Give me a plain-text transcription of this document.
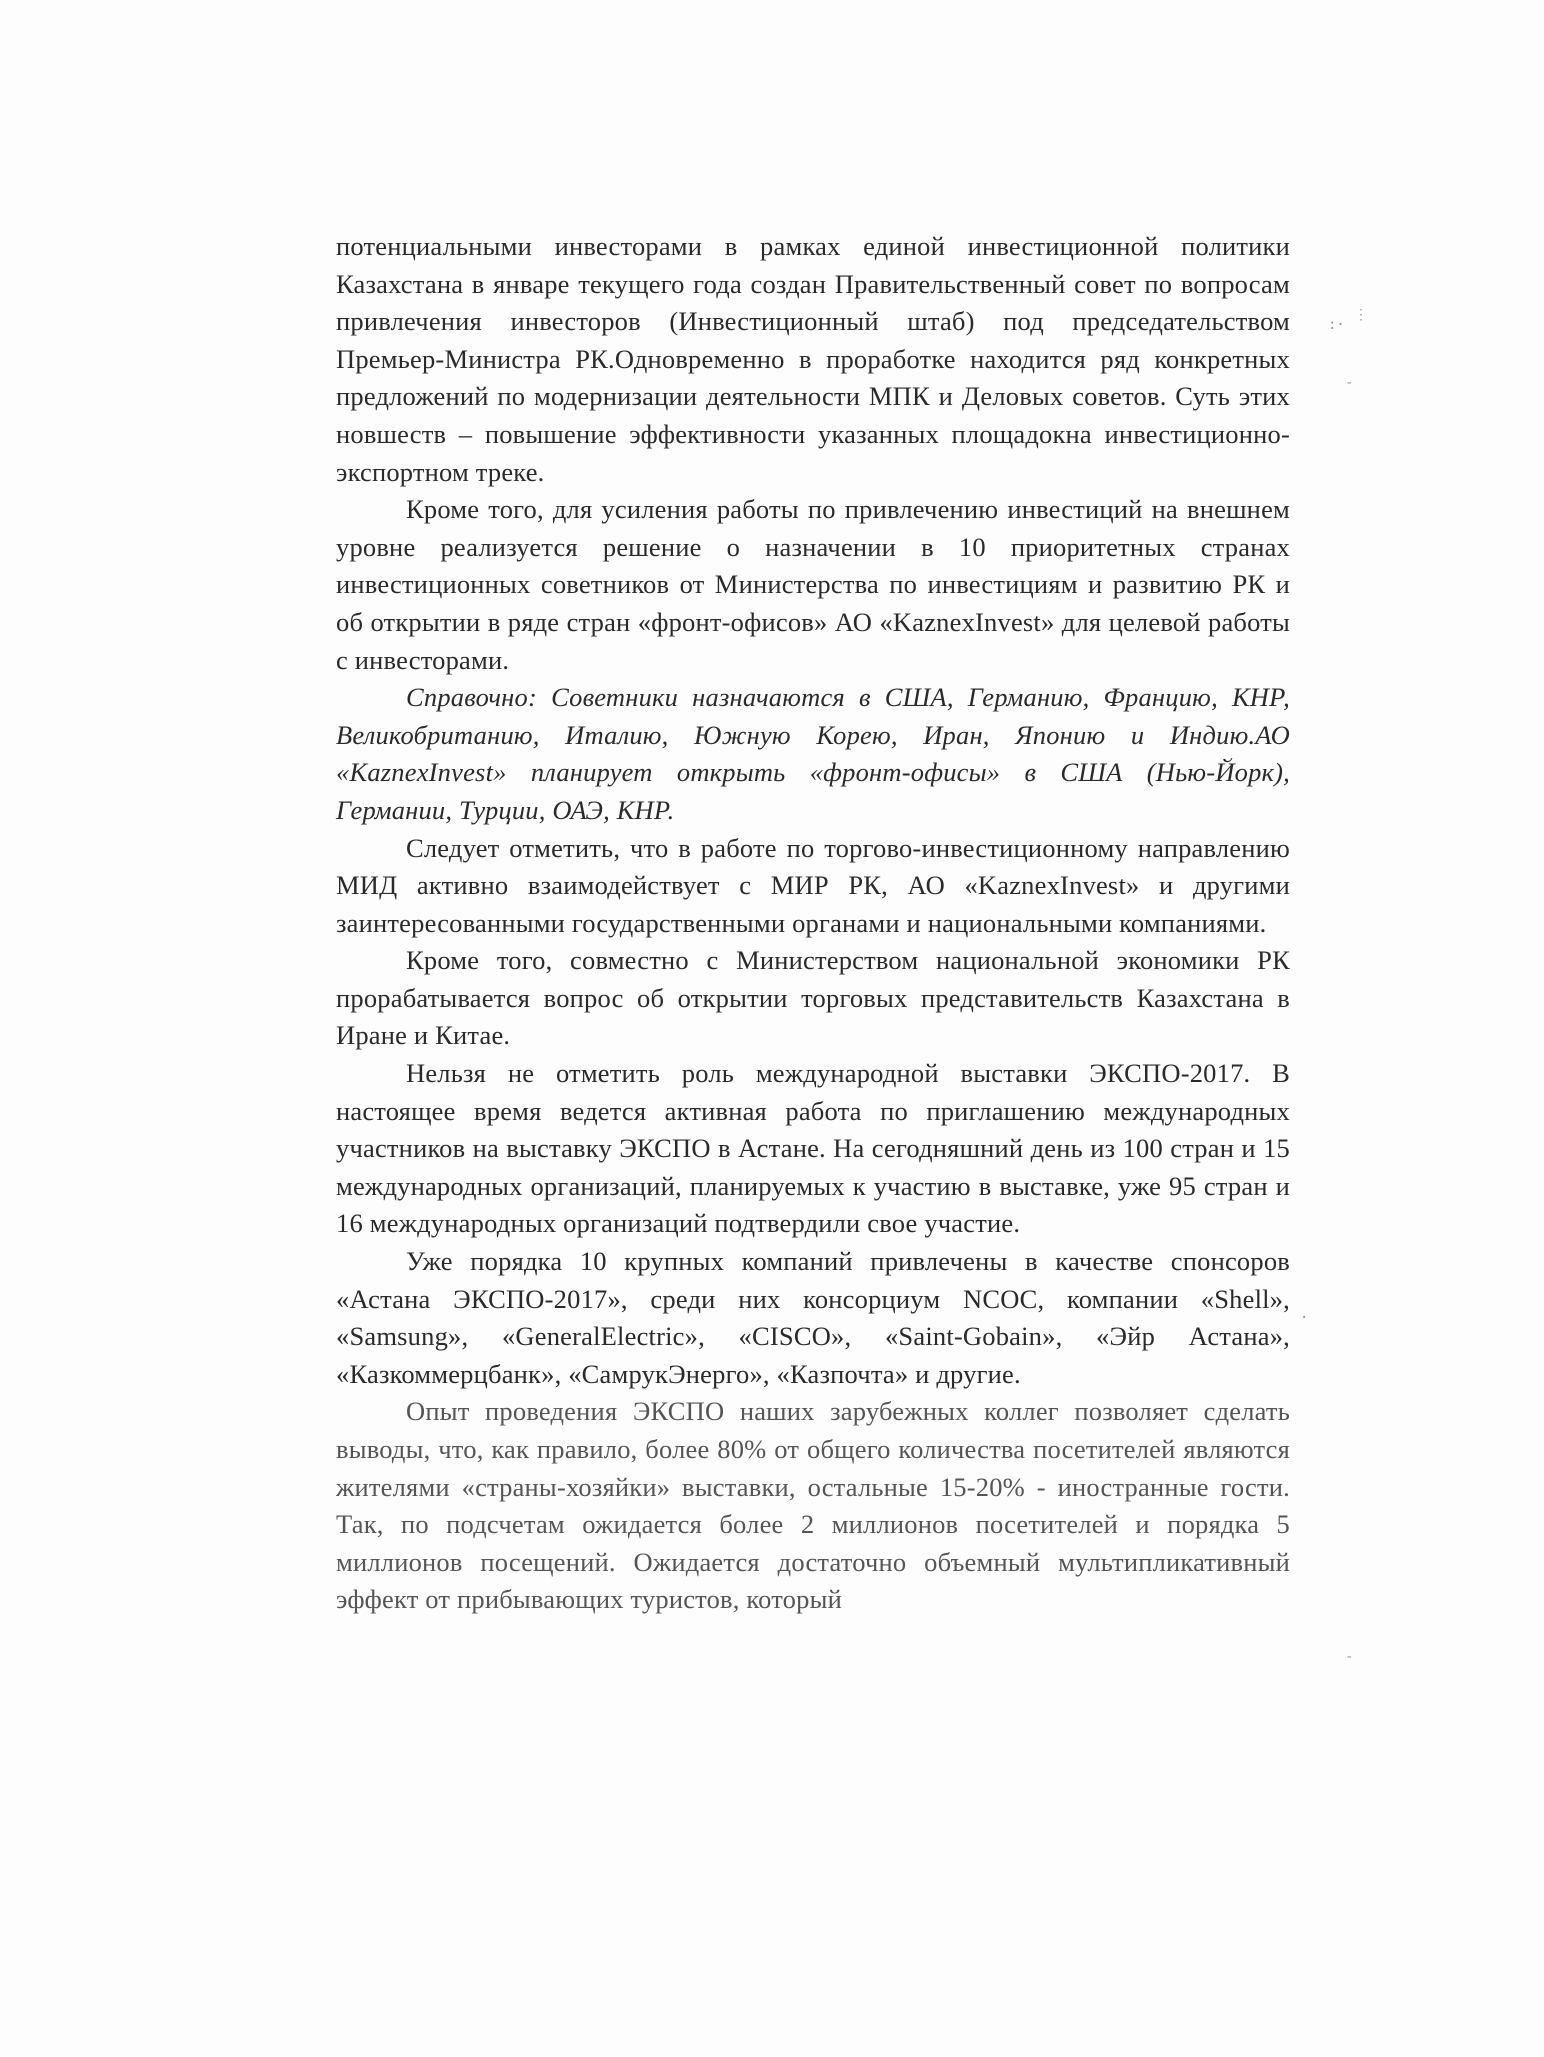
потенциальными инвесторами в рамках единой инвестиционной политики Казахстана в январе текущего года создан Правительственный совет по вопросам привлечения инвесторов (Инвестиционный штаб) под председательством Премьер-Министра РК.Одновременно в проработке находится ряд конкретных предложений по модернизации деятельности МПК и Деловых советов. Суть этих новшеств – повышение эффективности указанных площадокна инвестиционно-экспортном треке.

Кроме того, для усиления работы по привлечению инвестиций на внешнем уровне реализуется решение о назначении в 10 приоритетных странах инвестиционных советников от Министерства по инвестициям и развитию РК и об открытии в ряде стран «фронт-офисов» АО «KaznexInvest» для целевой работы с инвесторами.

Справочно: Советники назначаются в США, Германию, Францию, КНР, Великобританию, Италию, Южную Корею, Иран, Японию и Индию.АО «KaznexInvest» планирует открыть «фронт-офисы» в США (Нью-Йорк), Германии, Турции, ОАЭ, КНР.

Следует отметить, что в работе по торгово-инвестиционному направлению МИД активно взаимодействует с МИР РК, АО «KaznexInvest» и другими заинтересованными государственными органами и национальными компаниями.

Кроме того, совместно с Министерством национальной экономики РК прорабатывается вопрос об открытии торговых представительств Казахстана в Иране и Китае.

Нельзя не отметить роль международной выставки ЭКСПО-2017. В настоящее время ведется активная работа по приглашению международных участников на выставку ЭКСПО в Астане. На сегодняшний день из 100 стран и 15 международных организаций, планируемых к участию в выставке, уже 95 стран и 16 международных организаций подтвердили свое участие.

Уже порядка 10 крупных компаний привлечены в качестве спонсоров «Астана ЭКСПО-2017», среди них консорциум NCOC, компании «Shell», «Samsung», «GeneralElectric», «CISCO», «Saint-Gobain», «Эйр Астана», «Казкоммерцбанк», «СамрукЭнерго», «Казпочта» и другие.

Опыт проведения ЭКСПО наших зарубежных коллег позволяет сделать выводы, что, как правило, более 80% от общего количества посетителей являются жителями «страны-хозяйки» выставки, остальные 15-20% - иностранные гости. Так, по подсчетам ожидается более 2 миллионов посетителей и порядка 5 миллионов посещений. Ожидается достаточно объемный мультипликативный эффект от прибывающих туристов, который

:·
⋮
-
.
-
